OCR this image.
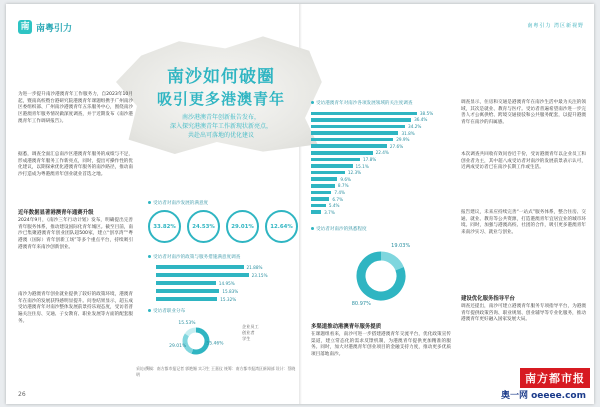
南 南粤引力	南粤引力 湾区新视野
南沙如何破圈
吸引更多港澳青年
南沙港澳青年创新报告发布，
深入探究港澳青年工作新现状新亮点，
共赴出可落地的优化建议
为进一步提升南沙港澳青年工作服务力，自2023年10月起，暨南高校暨台港研究院港澳青年课题组携手广州南沙区委组织部、广州南沙港澳青年五乐服务中心，围绕南沙区港澳青年服务情况做深度调查，并于近期发布《南沙港澳青年工作调研报告》。
据悉，调查全面汇总南沙区港澳青年服务的成绩与不足，形成港澳青年服务工作新亮点，同时，提出可操作性的优化建议，以期探索优化港澳青年服务的南沙路径，推动南沙打造成为粤港澳青年创业就业首选之地。
近年数据显著港澳青年通赛升级
2024年9月，《南沙三年行动计划》发布，明确提出完善青年服务体系，推动建设国际化青年城区。截至目前，南沙已集聚港澳青年创业团队超500家，建立“创享湾”“粤港澳（国际）青年创新工场”等多个重点平台，持续吸引港澳青年来南沙创新创业。
南沙为港澳青年创业就业提供了较好的政策环境，港澳青年在南沙的发展获得感明显提升。问卷结果显示，超五成受访港澳青年对南沙整体发展前景持乐观态度，受访者普遍关注住房、交通、子女教育、职业发展等方面的配套服务。
26
受访者对南沙发展的满意度
33.82%	24.53%	29.01%	12.64%
受访者对南沙的政策与服务措施满意度调查
21.88%
23.15%
14.95%
15.83%
15.32%
受访者职业分布
55.46%
29.01%
15.53%
企业员工
创业者
学生
采访/撰稿：南方都市报记者 郭艳媚 实习生 王嘉仪 统筹：南方都市报湾区新闻部 设计：蔡晓明
受访港澳青年对南沙各项发展领域的关注度调查
38.5%
36.4%
34.2%
31.8%
29.9%
27.6%
22.4%
17.8%
15.1%
12.3%
9.6%
8.7%
7.4%
6.7%
5.4%
3.7%
调查显示，住房和交通是港澳青年在南沙生活中最为关注的领域，其次是就业、教育与医疗。受访者普遍希望南沙进一步完善人才公寓供给、跨境交通接驳和公共服务配套，以提升港澳青年在南沙的归属感。
本次调查共回收有效问卷近千份，受访港澳青年以企业员工和创业者为主，其中超八成受访者对南沙的发展前景表示认可，近两成受访者已在南沙长期工作或生活。
受访者对南沙的熟悉程度
19.03%
80.97%
多渠道推动港澳青年服务提质
在课题组看来，南沙可进一步搭建港澳青年交流平台，优化政策宣传渠道，建立常态化的需求反馈机制，为港澳青年提供更加精准的服务。同时，加大对港澳青年创业项目的金融支持力度，推动更多优质项目落地南沙。
报告建议，未来应持续完善“一站式”服务体系，整合住房、交通、就业、教育等公共资源，打造港澳青年宜居宜业的城市环境。同时，加强与港澳高校、社团的合作，吸引更多港澳青年来南沙实习、就业与创业。
建设优化服务指导平台
调查还提出，南沙可建立港澳青年服务专项指导平台，为港澳青年提供政策咨询、职业规划、创业辅导等专业化服务，推动港澳青年更好融入国家发展大局。
南方都市报
奥一网 oeeee.com
